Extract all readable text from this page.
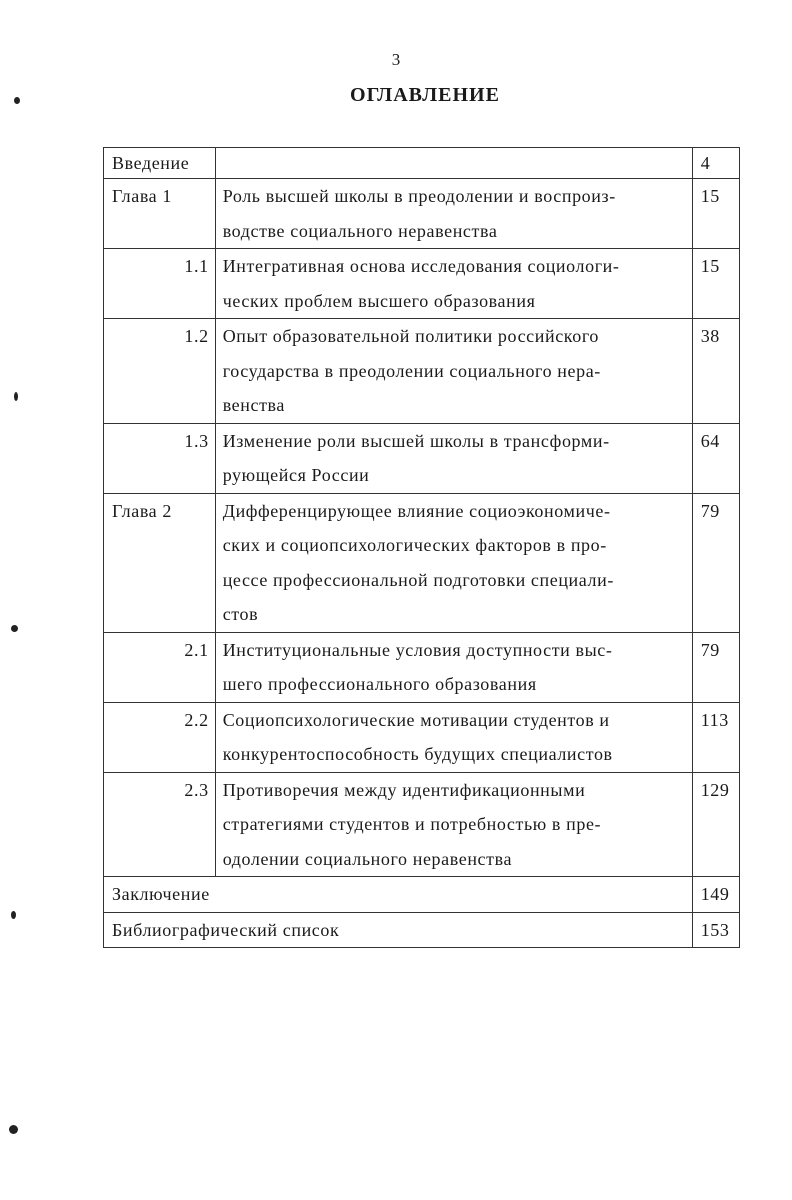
3
ОГЛАВЛЕНИЕ
Введение		4

Глава 1	Роль высшей школы в преодолении и воспроиз-
водстве социального неравенства	15

1.1	Интегративная основа исследования социологи-
ческих проблем высшего образования	15

1.2	Опыт образовательной политики российского
государства в преодолении социального нера-
венства	38

1.3	Изменение роли высшей школы в трансформи-
рующейся России	64

Глава 2	Дифференцирующее влияние социоэкономиче-
ских и социопсихологических факторов в про-
цессе профессиональной подготовки специали-
стов	79

2.1	Институциональные условия доступности выс-
шего профессионального образования	79

2.2	Социопсихологические мотивации студентов и
конкурентоспособность будущих специалистов	113

2.3	Противоречия между идентификационными
стратегиями студентов и потребностью в пре-
одолении социального неравенства	129

Заключение		149

Библиографический список		153
